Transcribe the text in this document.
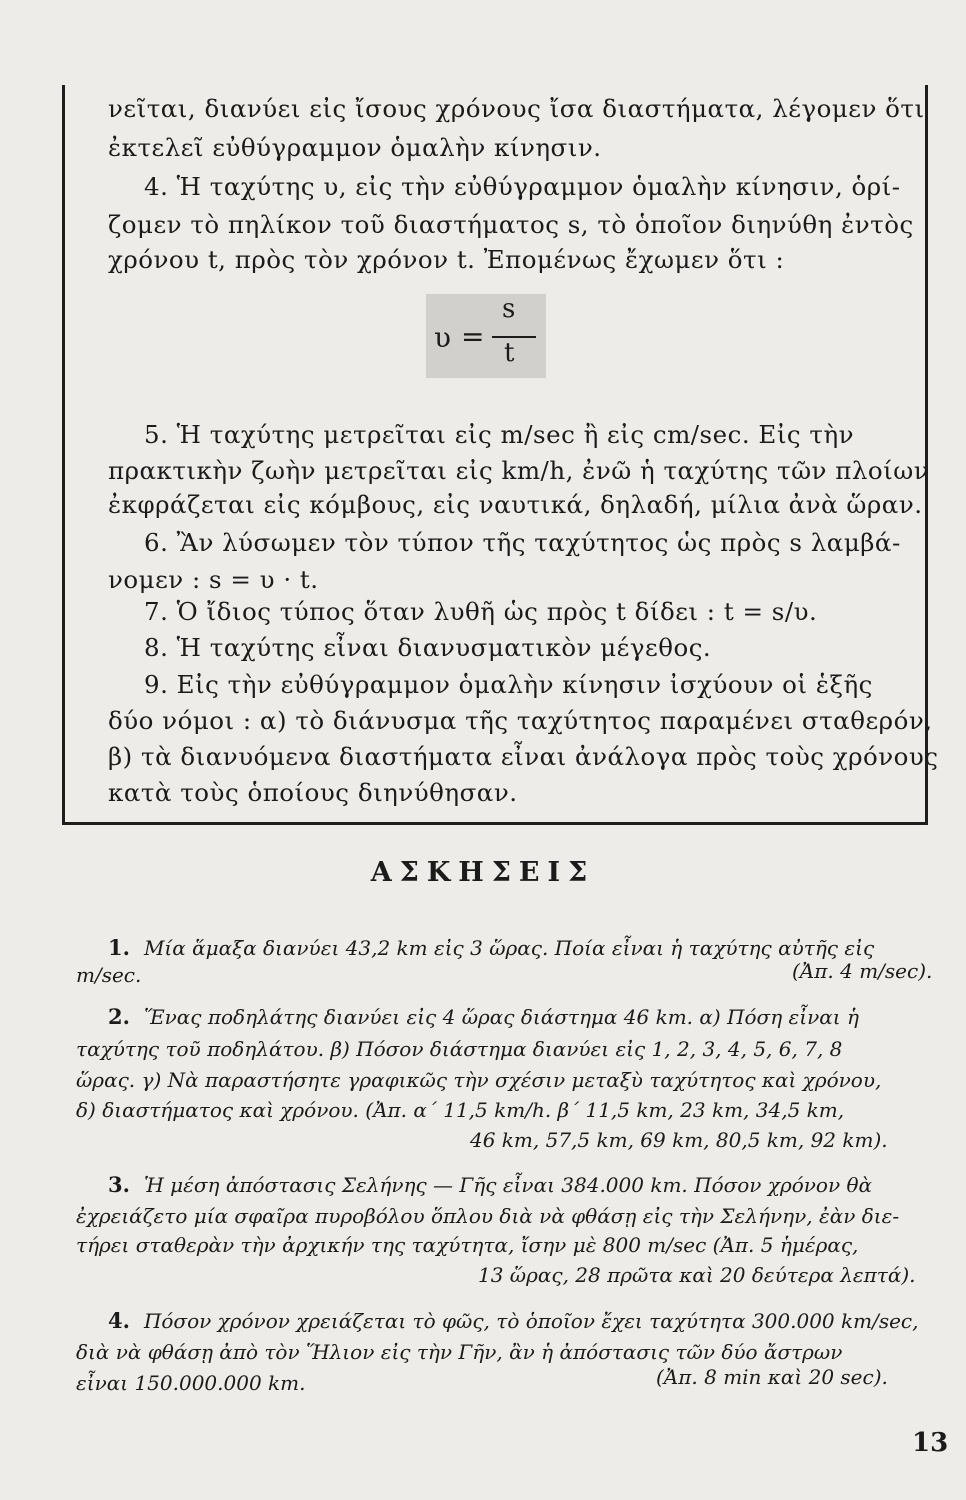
νεῖται, διανύει εἰς ἴσους χρόνους ἴσα διαστήματα, λέγομεν ὅτι
ἐκτελεῖ εὐθύγραμμον ὁμαλὴν κίνησιν.
4. Ἡ ταχύτης υ, εἰς τὴν εὐθύγραμμον ὁμαλὴν κίνησιν, ὁρί-
ζομεν τὸ πηλίκον τοῦ διαστήματος s, τὸ ὁποῖον διηνύθη ἐντὸς
χρόνου t, πρὸς τὸν χρόνον t. Ἐπομένως ἔχωμεν ὅτι :
υ =
s
t
5. Ἡ ταχύτης μετρεῖται εἰς m/sec ἢ εἰς cm/sec. Εἰς τὴν
πρακτικὴν ζωὴν μετρεῖται εἰς km/h, ἐνῶ ἡ ταχύτης τῶν πλοίων
ἐκφράζεται εἰς κόμβους, εἰς ναυτικά, δηλαδή, μίλια ἀνὰ ὥραν.
6. Ἂν λύσωμεν τὸν τύπον τῆς ταχύτητος ὡς πρὸς s λαμβά-
νομεν : s = υ · t.
7. Ὁ ἴδιος τύπος ὅταν λυθῆ ὡς πρὸς t δίδει : t = s/υ.
8. Ἡ ταχύτης εἶναι διανυσματικὸν μέγεθος.
9. Εἰς τὴν εὐθύγραμμον ὁμαλὴν κίνησιν ἰσχύουν οἱ ἑξῆς
δύο νόμοι : α) τὸ διάνυσμα τῆς ταχύτητος παραμένει σταθερόν,
β) τὰ διανυόμενα διαστήματα εἶναι ἀνάλογα πρὸς τοὺς χρόνους
κατὰ τοὺς ὁποίους διηνύθησαν.
ΑΣΚΗΣΕΙΣ
1. Μία ἅμαξα διανύει 43,2 km εἰς 3 ὥρας. Ποία εἶναι ἡ ταχύτης αὐτῆς εἰς
m/sec.	(Ἀπ. 4 m/sec).
2. Ἕνας ποδηλάτης διανύει εἰς 4 ὥρας διάστημα 46 km. α) Πόση εἶναι ἡ
ταχύτης τοῦ ποδηλάτου. β) Πόσον διάστημα διανύει εἰς 1, 2, 3, 4, 5, 6, 7, 8
ὥρας. γ) Νὰ παραστήσητε γραφικῶς τὴν σχέσιν μεταξὺ ταχύτητος καὶ χρόνου,
δ) διαστήματος καὶ χρόνου. (Ἀπ. α΄ 11,5 km/h. β΄ 11,5 km, 23 km, 34,5 km,
46 km, 57,5 km, 69 km, 80,5 km, 92 km).
3. Ἡ μέση ἀπόστασις Σελήνης — Γῆς εἶναι 384.000 km. Πόσον χρόνον θὰ
ἐχρειάζετο μία σφαῖρα πυροβόλου ὅπλου διὰ νὰ φθάσῃ εἰς τὴν Σελήνην, ἐὰν διε-
τήρει σταθερὰν τὴν ἀρχικήν της ταχύτητα, ἴσην μὲ 800 m/sec (Ἀπ. 5 ἡμέρας,
13 ὥρας, 28 πρῶτα καὶ 20 δεύτερα λεπτά).
4. Πόσον χρόνον χρειάζεται τὸ φῶς, τὸ ὁποῖον ἔχει ταχύτητα 300.000 km/sec,
διὰ νὰ φθάσῃ ἀπὸ τὸν Ἥλιον εἰς τὴν Γῆν, ἂν ἡ ἀπόστασις τῶν δύο ἄστρων
εἶναι 150.000.000 km.	(Ἀπ. 8 min καὶ 20 sec).
13
